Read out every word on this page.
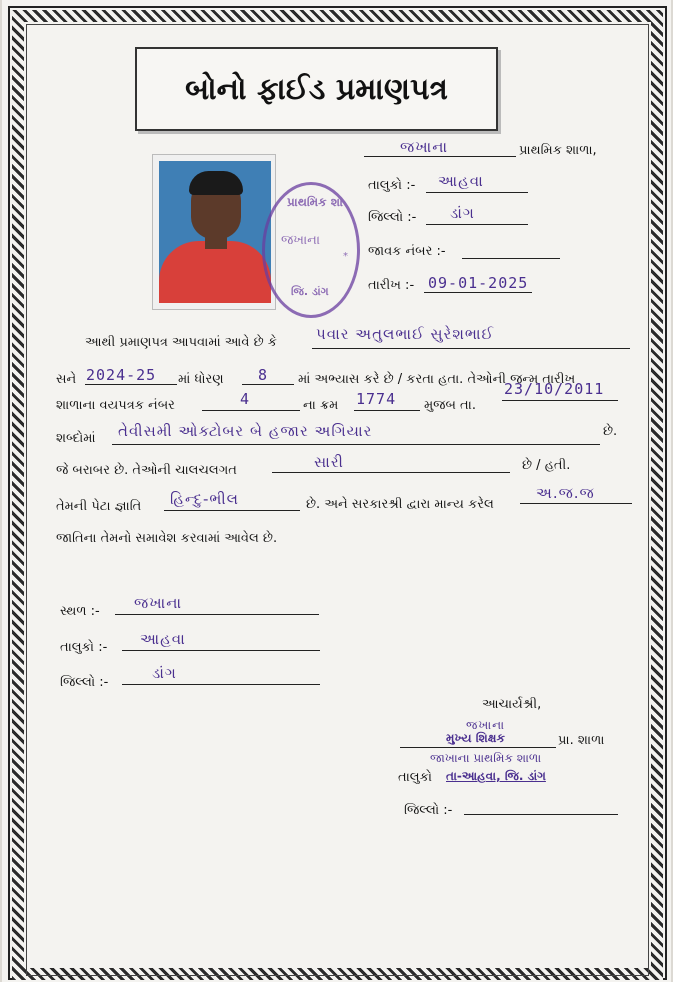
બોનો ફાઈડ પ્રમાણપત્ર
જખાના	પ્રાથમિક શાળા,
તાલુકો :- આહવા
જિલ્લો :- ડાંગ
જાવક નંબર :-
તારીખ :- 09-01-2025
પ્રાથમિક શા
જખાના
*
જિ. ડાંગ
આથી પ્રમાણપત્ર આપવામાં આવે છે કે	પવાર અતુલભાઈ સુરેશભાઈ
સને 2024-25 માં ધોરણ 8 માં અભ્યાસ કરે છે / કરતા હતા. તેઓની જન્મ તારીખ
શાળાના વયપત્રક નંબર	4	ના ક્રમ 1774 મુજબ તા.
23/10/2011
શબ્દોમાં તેવીસમી ઓક્ટોબર બે હજાર અગિયાર	છે.
જે બરાબર છે. તેઓની ચાલચલગત	સારી	છે / હતી.
તેમની પેટા જ્ઞાતિ હિન્દુ-ભીલ	છે. અને સરકારશ્રી દ્વારા માન્ય કરેલ
અ.જ.જ
જાતિના તેમનો સમાવેશ કરવામાં આવેલ છે.
સ્થળ :- જખાના
તાલુકો :- આહવા
જિલ્લો :-
ડાંગ
આચાર્યશ્રી,
જખાના
મુખ્ય શિક્ષક	પ્રા. શાળા
જાખાના પ્રાથમિક શાળા
તાલુકો તા-આહવા, જિ. ડાંગ
જિલ્લો :-
